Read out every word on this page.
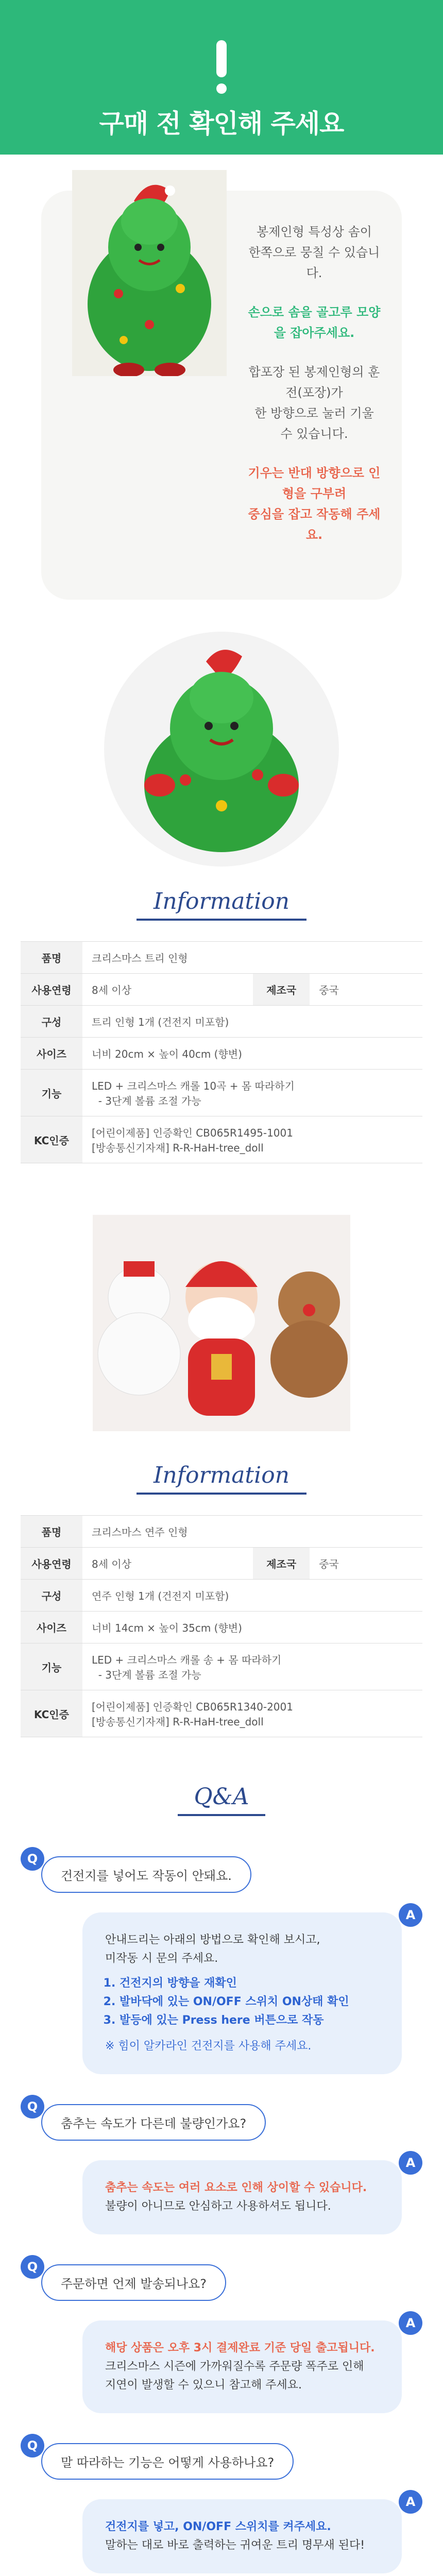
구매 전 확인해 주세요

봉제인형 특성상 솜이
한쪽으로 뭉칠 수 있습니다.

손으로 솜을 골고루 모양을 잡아주세요.

합포장 된 봉제인형의 훈전(포장)가
한 방향으로 눌러 기울 수 있습니다.

기우는 반대 방향으로 인형을 구부려
중심을 잡고 작동해 주세요.

Information
품명	크리스마스 트리 인형		
사용연령	8세 이상	제조국	중국
구성	트리 인형 1개 (건전지 미포함)		
사이즈	너비 20cm × 높이 40cm (향변)		
기능	LED + 크리스마스 캐롤 10곡 + 몸 따라하기
- 3단계 볼륨 조절 가능		
KC인증	[어린이제품] 인증확인 CB065R1495-1001
[방송통신기자재] R-R-HaH-tree_doll		
Information
품명	크리스마스 연주 인형		
사용연령	8세 이상	제조국	중국
구성	연주 인형 1개 (건전지 미포함)		
사이즈	너비 14cm × 높이 35cm (향변)		
기능	LED + 크리스마스 캐롤 송 + 몸 따라하기
- 3단계 볼륨 조절 가능		
KC인증	[어린이제품] 인증확인 CB065R1340-2001
[방송통신기자재] R-R-HaH-tree_doll		
Q&A
Q
건전지를 넣어도 작동이 안돼요.
안내드리는 아래의 방법으로 확인해 보시고,
미작동 시 문의 주세요.
1. 건전지의 방향을 재확인
2. 발바닥에 있는 ON/OFF 스위치 ON상태 확인
3. 발등에 있는 Press here 버튼으로 작동
※ 힘이 알카라인 건전지를 사용해 주세요.
A
Q
춤추는 속도가 다른데 불량인가요?
춤추는 속도는 여러 요소로 인해 상이할 수 있습니다.
불량이 아니므로 안심하고 사용하셔도 됩니다.
A
Q
주문하면 언제 발송되나요?
해당 상품은 오후 3시 결제완료 기준 당일 출고됩니다.
크리스마스 시즌에 가까워질수록 주문량 폭주로 인해
지연이 발생할 수 있으니 참고해 주세요.
A
Q
말 따라하는 기능은 어떻게 사용하나요?
건전지를 넣고, ON/OFF 스위치를 켜주세요.
말하는 대로 바로 출력하는 귀여운 트리 명무새 된다!
A
